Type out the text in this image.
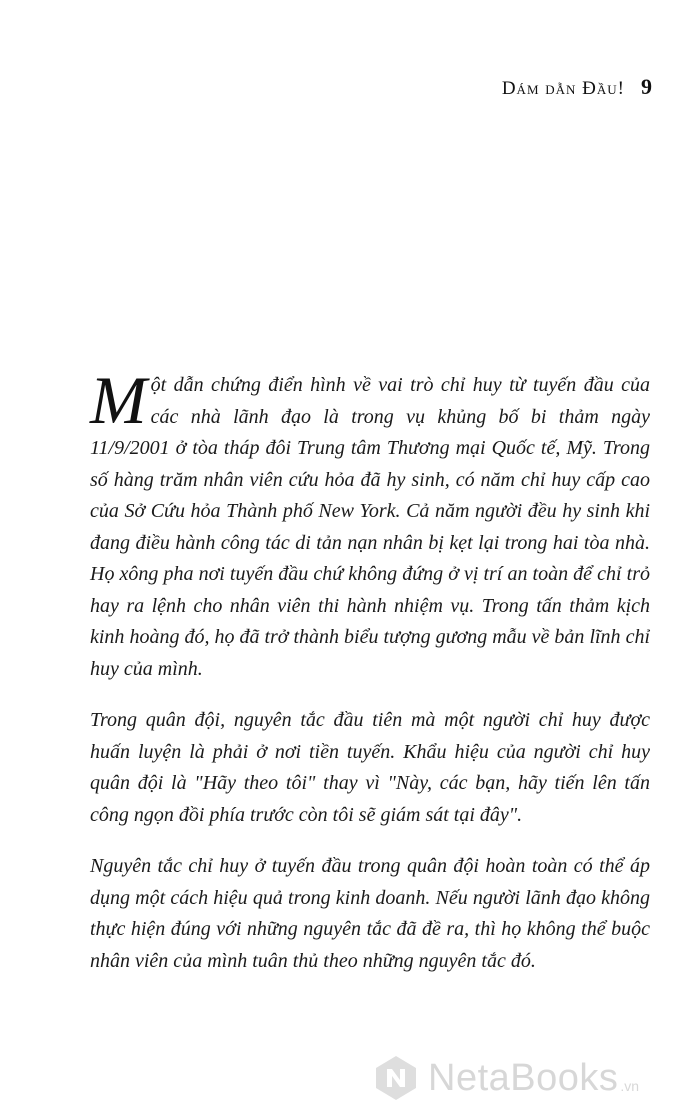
Dám dẫn Đầu! 9

Một dẫn chứng điển hình về vai trò chỉ huy từ tuyến đầu của các nhà lãnh đạo là trong vụ khủng bố bi thảm ngày 11/9/2001 ở tòa tháp đôi Trung tâm Thương mại Quốc tế, Mỹ. Trong số hàng trăm nhân viên cứu hỏa đã hy sinh, có năm chỉ huy cấp cao của Sở Cứu hỏa Thành phố New York. Cả năm người đều hy sinh khi đang điều hành công tác di tản nạn nhân bị kẹt lại trong hai tòa nhà. Họ xông pha nơi tuyến đầu chứ không đứng ở vị trí an toàn để chỉ trỏ hay ra lệnh cho nhân viên thi hành nhiệm vụ. Trong tấn thảm kịch kinh hoàng đó, họ đã trở thành biểu tượng gương mẫu về bản lĩnh chỉ huy của mình.

Trong quân đội, nguyên tắc đầu tiên mà một người chỉ huy được huấn luyện là phải ở nơi tiền tuyến. Khẩu hiệu của người chỉ huy quân đội là "Hãy theo tôi" thay vì "Này, các bạn, hãy tiến lên tấn công ngọn đồi phía trước còn tôi sẽ giám sát tại đây".

Nguyên tắc chỉ huy ở tuyến đầu trong quân đội hoàn toàn có thể áp dụng một cách hiệu quả trong kinh doanh. Nếu người lãnh đạo không thực hiện đúng với những nguyên tắc đã đề ra, thì họ không thể buộc nhân viên của mình tuân thủ theo những nguyên tắc đó.

NetaBooks .vn
